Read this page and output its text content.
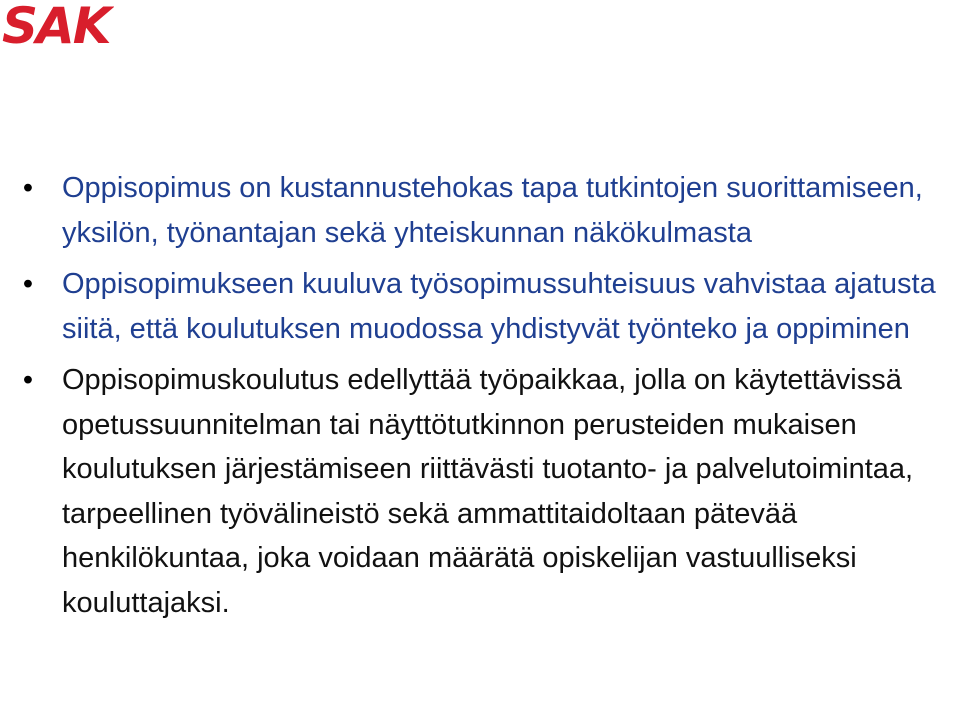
SAK
• Oppisopimus on kustannustehokas tapa tutkintojen suorittamiseen, yksilön, työnantajan sekä yhteiskunnan näkökulmasta
• Oppisopimukseen kuuluva työsopimussuhteisuus vahvistaa ajatusta siitä, että koulutuksen muodossa yhdistyvät työnteko ja oppiminen
• Oppisopimuskoulutus edellyttää työpaikkaa, jolla on käytettävissä opetussuunnitelman tai näyttötutkinnon perusteiden mukaisen koulutuksen järjestämiseen riittävästi tuotanto- ja palvelutoimintaa, tarpeellinen työvälineistö sekä ammattitaidoltaan pätevää henkilökuntaa, joka voidaan määrätä opiskelijan vastuulliseksi kouluttajaksi.
